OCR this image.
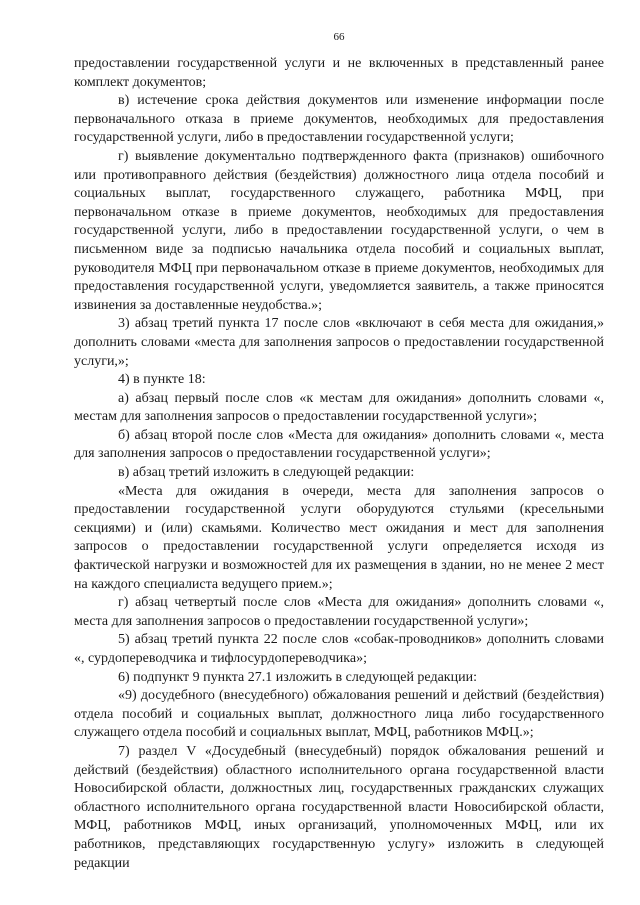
66

предоставлении государственной услуги и не включенных в представленный ранее комплект документов;

в) истечение срока действия документов или изменение информации после первоначального отказа в приеме документов, необходимых для предоставления государственной услуги, либо в предоставлении государственной услуги;

г) выявление документально подтвержденного факта (признаков) ошибочного или противоправного действия (бездействия) должностного лица отдела пособий и социальных выплат, государственного служащего, работника МФЦ, при первоначальном отказе в приеме документов, необходимых для предоставления государственной услуги, либо в предоставлении государственной услуги, о чем в письменном виде за подписью начальника отдела пособий и социальных выплат, руководителя МФЦ при первоначальном отказе в приеме документов, необходимых для предоставления государственной услуги, уведомляется заявитель, а также приносятся извинения за доставленные неудобства.»;

3) абзац третий пункта 17 после слов «включают в себя места для ожидания,» дополнить словами «места для заполнения запросов о предоставлении государственной услуги,»;

4) в пункте 18:

а) абзац первый после слов «к местам для ожидания» дополнить словами «, местам для заполнения запросов о предоставлении государственной услуги»;

б) абзац второй после слов «Места для ожидания» дополнить словами «, места для заполнения запросов о предоставлении государственной услуги»;

в) абзац третий изложить в следующей редакции:

«Места для ожидания в очереди, места для заполнения запросов о предоставлении государственной услуги оборудуются стульями (кресельными секциями) и (или) скамьями. Количество мест ожидания и мест для заполнения запросов о предоставлении государственной услуги определяется исходя из фактической нагрузки и возможностей для их размещения в здании, но не менее 2 мест на каждого специалиста ведущего прием.»;

г) абзац четвертый после слов «Места для ожидания» дополнить словами «, места для заполнения запросов о предоставлении государственной услуги»;

5) абзац третий пункта 22 после слов «собак-проводников» дополнить словами «, сурдопереводчика и тифлосурдопереводчика»;

6) подпункт 9 пункта 27.1 изложить в следующей редакции:

«9) досудебного (внесудебного) обжалования решений и действий (бездействия) отдела пособий и социальных выплат, должностного лица либо государственного служащего отдела пособий и социальных выплат, МФЦ, работников МФЦ.»;

7) раздел V «Досудебный (внесудебный) порядок обжалования решений и действий (бездействия) областного исполнительного органа государственной власти Новосибирской области, должностных лиц, государственных гражданских служащих областного исполнительного органа государственной власти Новосибирской области, МФЦ, работников МФЦ, иных организаций, уполномоченных МФЦ, или их работников, представляющих государственную услугу» изложить в следующей редакции
